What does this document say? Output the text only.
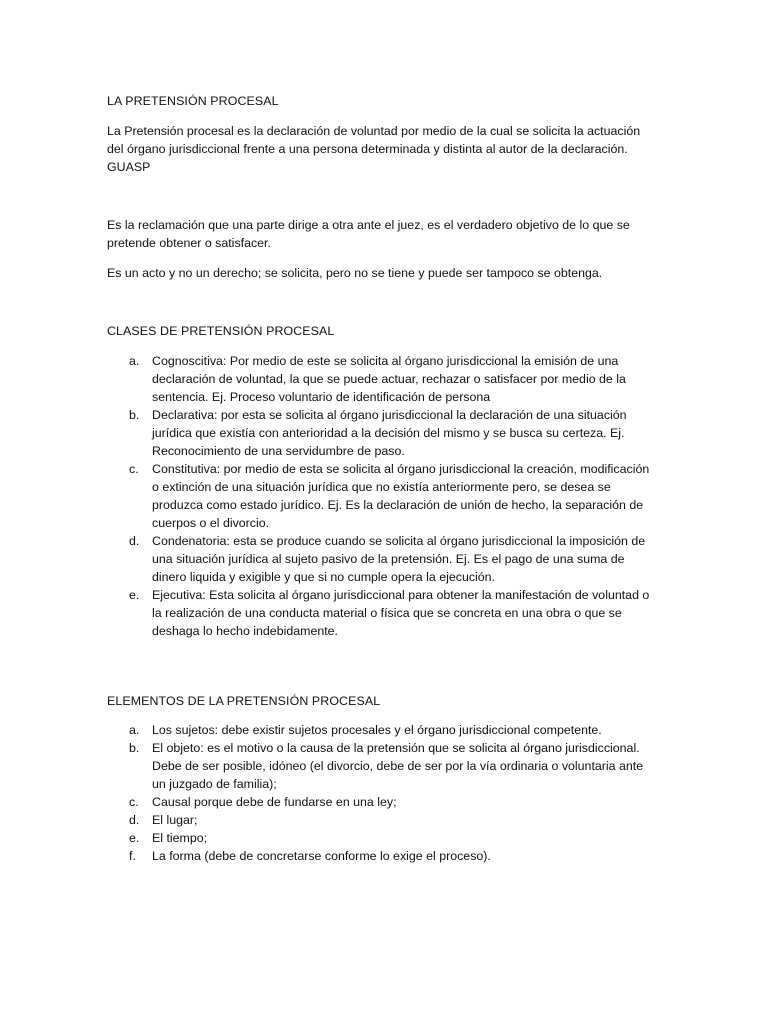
LA PRETENSIÓN PROCESAL

La Pretensión procesal es la declaración de voluntad por medio de la cual se solicita la actuación

del órgano jurisdiccional frente a una persona determinada y distinta al autor de la declaración.

GUASP

Es la reclamación que una parte dirige a otra ante el juez, es el verdadero objetivo de lo que se

pretende obtener o satisfacer.

Es un acto y no un derecho; se solicita, pero no se tiene y puede ser tampoco se obtenga.

CLASES DE PRETENSIÓN PROCESAL
a. Cognoscitiva: Por medio de este se solicita al órgano jurisdiccional la emisión de una
declaración de voluntad, la que se puede actuar, rechazar o satisfacer por medio de la
sentencia. Ej. Proceso voluntario de identificación de persona
b. Declarativa: por esta se solicita al órgano jurisdiccional la declaración de una situación
jurídica que existía con anterioridad a la decisión del mismo y se busca su certeza. Ej.
Reconocimiento de una servidumbre de paso.
c. Constitutiva: por medio de esta se solicita al órgano jurisdiccional la creación, modificación
o extinción de una situación jurídica que no existía anteriormente pero, se desea se
produzca como estado jurídico. Ej. Es la declaración de unión de hecho, la separación de
cuerpos o el divorcio.
d. Condenatoria: esta se produce cuando se solicita al órgano jurisdiccional la imposición de
una situación jurídica al sujeto pasivo de la pretensión. Ej. Es el pago de una suma de
dinero liquida y exigible y que si no cumple opera la ejecución.
e. Ejecutiva: Esta solicita al órgano jurisdiccional para obtener la manifestación de voluntad o
la realización de una conducta material o física que se concreta en una obra o que se
deshaga lo hecho indebidamente.
ELEMENTOS DE LA PRETENSIÓN PROCESAL
a. Los sujetos: debe existir sujetos procesales y el órgano jurisdiccional competente.
b. El objeto: es el motivo o la causa de la pretensión que se solicita al órgano jurisdiccional.
Debe de ser posible, idóneo (el divorcio, debe de ser por la vía ordinaria o voluntaria ante
un juzgado de familia);
c. Causal porque debe de fundarse en una ley;
d. El lugar;
e. El tiempo;
f. La forma (debe de concretarse conforme lo exige el proceso).
